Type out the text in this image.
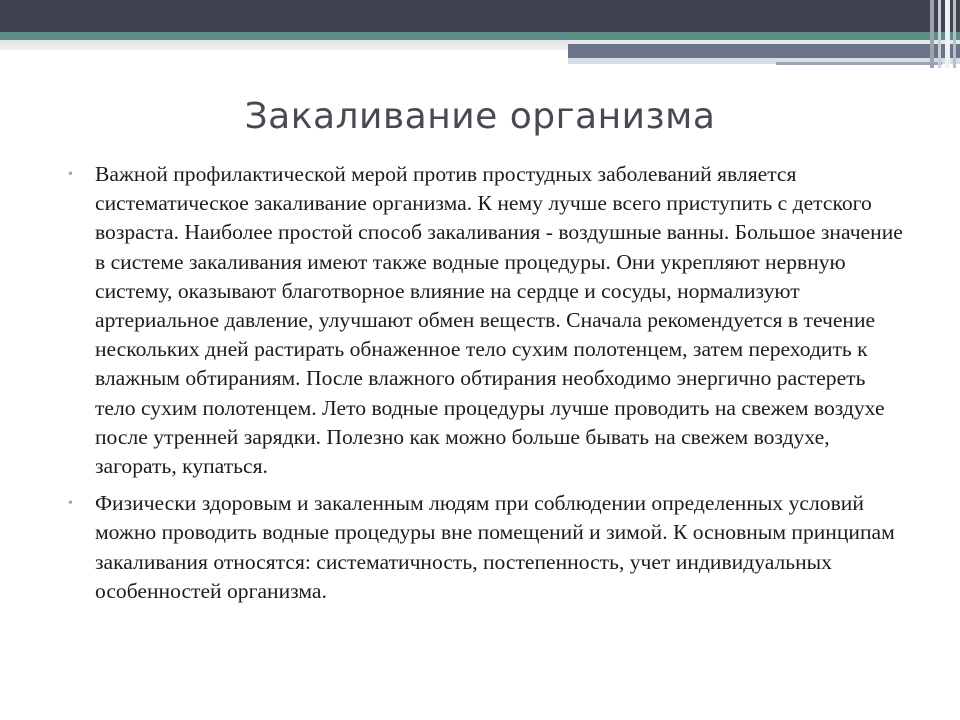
Закаливание организма
• Важной профилактической мерой против простудных заболеваний является систематическое закаливание организма. К нему лучше всего приступить с детского возраста. Наиболее простой способ закаливания - воздушные ванны. Большое значение в системе закаливания имеют также водные процедуры. Они укрепляют нервную систему, оказывают благотворное влияние на сердце и сосуды, нормализуют артериальное давление, улучшают обмен веществ. Сначала рекомендуется в течение нескольких дней растирать обнаженное тело сухим полотенцем, затем переходить к влажным обтираниям. После влажного обтирания необходимо энергично растереть тело сухим полотенцем. Лето водные процедуры лучше проводить на свежем воздухе после утренней зарядки. Полезно как можно больше бывать на свежем воздухе, загорать, купаться.
• Физически здоровым и закаленным людям при соблюдении определенных условий можно проводить водные процедуры вне помещений и зимой. К основным принципам закаливания относятся: систематичность, постепенность, учет индивидуальных особенностей организма.
